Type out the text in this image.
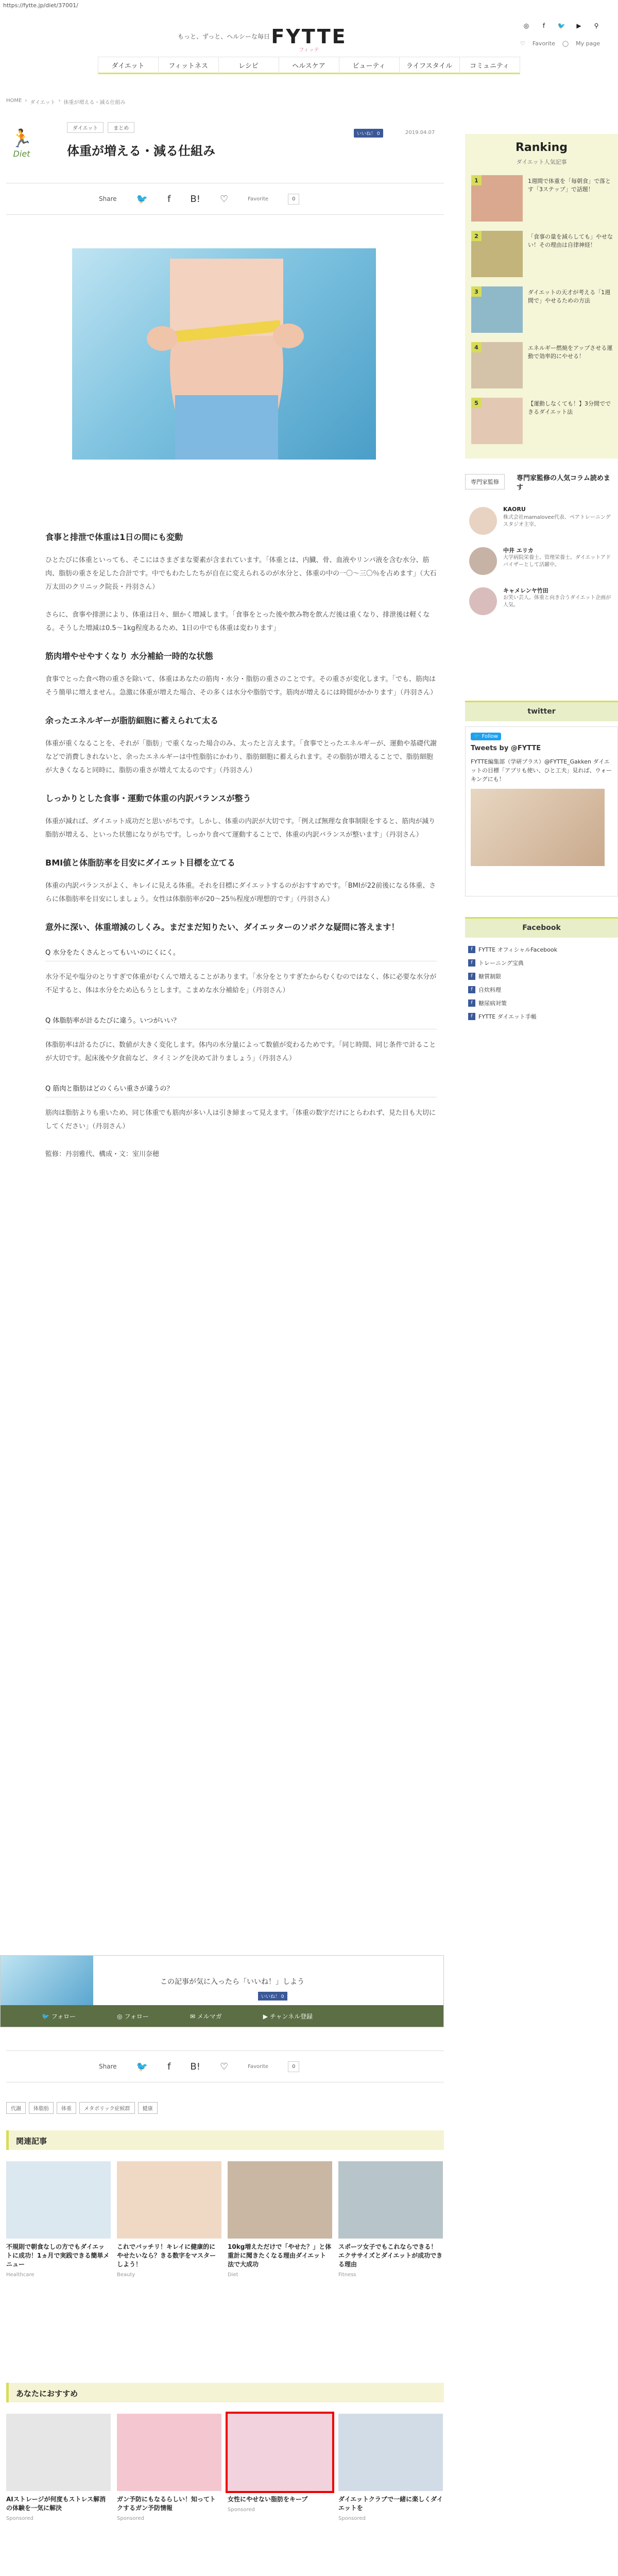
https://fytte.jp/diet/37001/
もっと、ずっと、ヘルシーな毎日 FYTTE
フィッテ
◎	f	🐦	▶	⚲
♡ Favorite ◯ My page
ダイエット	フィットネス	レシピ	ヘルスケア	ビューティ	ライフスタイル	コミュニティ
HOME › ダイエット › 体重が増える・減る仕組み
🏃
Diet
ダイエット	まとめ
体重が増える・減る仕組み
いいね！ 0	2019.04.07
Share 🐦 f B! ♡	Favorite	0
食事と排泄で体重は1日の間にも変動

ひとたびに体重といっても、そこにはさまざまな要素が含まれています。「体重とは、内臓、骨、血液やリンパ液を含む水分、筋肉、脂肪の重さを足した合計です。中でもわたしたちが自在に変えられるのが水分と、体重の中の一〇〜三〇％を占めます」（大石万太田のクリニック院長・丹羽さん）

さらに、食事や排泄により、体重は日々、細かく増減します。「食事をとった後や飲み物を飲んだ後は重くなり、排泄後は軽くなる。そうした増減は0.5〜1kg程度あるため、1日の中でも体重は変わります」

筋肉増やせやすくなり 水分補給一時的な状態

食事でとった食べ物の重さを除いて、体重はあなたの筋肉・水分・脂肪の重さのことです。その重さが変化します。「でも、筋肉はそう簡単に増えません。急激に体重が増えた場合、その多くは水分や脂肪です。筋肉が増えるには時間がかかります」（丹羽さん）

余ったエネルギーが脂肪細胞に蓄えられて太る

体重が重くなることを、それが「脂肪」で重くなった場合のみ、太ったと言えます。「食事でとったエネルギーが、運動や基礎代謝などで消費しきれないと、余ったエネルギーは中性脂肪にかわり、脂肪細胞に蓄えられます。その脂肪が増えることで、脂肪細胞が大きくなると同時に、脂肪の重さが増えて太るのです」（丹羽さん）

しっかりとした食事・運動で体重の内訳バランスが整う

体重が減れば、ダイエット成功だと思いがちです。しかし、体重の内訳が大切です。「例えば無理な食事制限をすると、筋肉が減り脂肪が増える、といった状態になりがちです。しっかり食べて運動することで、体重の内訳バランスが整います」（丹羽さん）

BMI値と体脂肪率を目安にダイエット目標を立てる

体重の内訳バランスがよく、キレイに見える体重。それを目標にダイエットするのがおすすめです。「BMIが22前後になる体重、さらに体脂肪率を目安にしましょう。女性は体脂肪率が20〜25％程度が理想的です」（丹羽さん）

意外に深い、体重増減のしくみ。まだまだ知りたい、ダイエッターのソボクな疑問に答えます！
Q 水分をたくさんとってもいいのにくにく。

水分不足や塩分のとりすぎで体重がむくんで増えることがあります。「水分をとりすぎたからむくむのではなく、体に必要な水分が不足すると、体は水分をため込もうとします。こまめな水分補給を」（丹羽さん）

Q 体脂肪率が計るたびに違う。いつがいい？

体脂肪率は計るたびに、数値が大きく変化します。体内の水分量によって数値が変わるためです。「同じ時間、同じ条件で計ることが大切です。起床後や夕食前など、タイミングを決めて計りましょう」（丹羽さん）

Q 筋肉と脂肪はどのくらい重さが違うの？

筋肉は脂肪よりも重いため、同じ体重でも筋肉が多い人は引き締まって見えます。「体重の数字だけにとらわれず、見た目も大切にしてください」（丹羽さん）

監修：丹羽雅代、構成・文：室川奈穂

この記事が気に入ったら「いいね！」しよう
いいね！ 0
🐦 フォロー	◎ フォロー	✉ メルマガ	▶ チャンネル登録
Share 🐦 f B! ♡	Favorite	0
代謝	体脂肪	体重	メタボリック症候群	健康
関連記事
不規則で朝食なしの方でもダイエットに成功！1ヵ月で実践できる簡単メニュー
Healthcare
これでバッチリ！キレイに健康的にやせたいなら？きる数字をマスターしよう！
Beauty
10kg増えただけで「やせた？」と体重計に聞きたくなる理由ダイエット法で大成功
Diet
スポーツ女子でもこれならできる！エクササイズとダイエットが成功できる理由
Fitness
あなたにおすすめ
AIストレージが何度もストレス解消の体験を一気に解決
Sponsored
ガン予防にもなるらしい！知ってトクするガン予防情報
Sponsored
女性にやせない脂肪をキープ
Sponsored
ダイエットクラブで一緒に楽しくダイエットを
Sponsored
Ranking
ダイエット人気記事
1	1週間で体重を「毎朝食」で落とす「3ステップ」で話題！
2	「食事の量を減らしても」やせない！その理由は自律神経！
3	ダイエットの天才が考える「1週間で」やせるための方法
4	エネルギー燃焼をアップさせる運動で効率的にやせる！
5	【運動しなくても！】3分間でできるダイエット法
専門家監修	専門家監修の人気コラム読めます
KAORU
株式会社mamalovee代表、ペアトレーニングスタジオ主宰。
中井 エリカ
大学病院栄養士、管理栄養士。ダイエットアドバイザーとして活躍中。
キャメレンヤ竹田
お笑い芸人。体重と向き合うダイエット企画が人気。
twitter
🐦 Follow
Tweets by @FYTTE
FYTTE編集部（学研プラス）@FYTTE_Gakken ダイエットの目標「アプリも使い、ひと工夫」見れば、ウォーキングにも！
Facebook
f	FYTTE オフィシャルFacebook
f	トレーニング宝典
f	糖質制限
f	自炊料理
f	糖尿病対策
f	FYTTE ダイエット手帳
